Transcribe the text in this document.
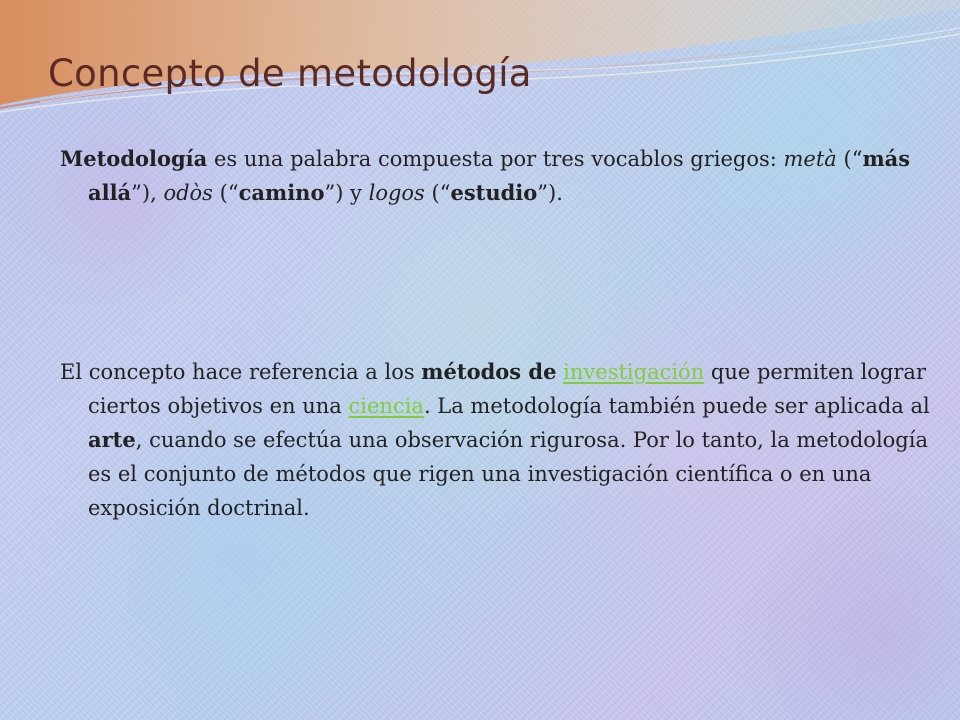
Concepto de metodología

Metodología es una palabra compuesta por tres vocablos griegos: metà (“más allá”), odòs (“camino”) y logos (“estudio”).

El concepto hace referencia a los métodos de investigación que permiten lograr ciertos objetivos en una ciencia. La metodología también puede ser aplicada al arte, cuando se efectúa una observación rigurosa. Por lo tanto, la metodología es el conjunto de métodos que rigen una investigación científica o en una exposición doctrinal.
